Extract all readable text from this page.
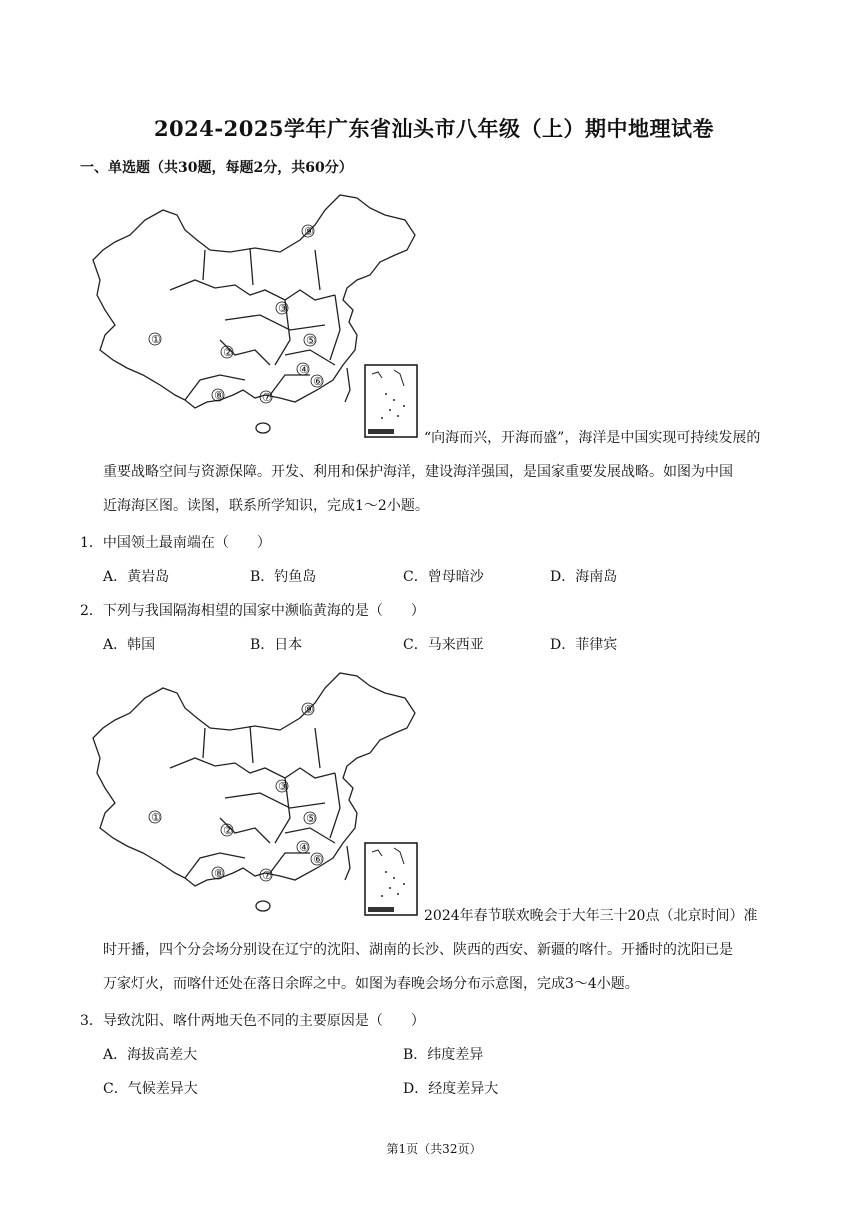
2024-2025学年广东省汕头市八年级（上）期中地理试卷
一、单选题（共30题，每题2分，共60分）
①
②
③
④
⑤
⑥
⑦
⑧
⑨
“向海而兴，开海而盛”，海洋是中国实现可持续发展的
重要战略空间与资源保障。开发、利用和保护海洋，建设海洋强国，是国家重要发展战略。如图为中国
近海海区图。读图，联系所学知识，完成1～2小题。
1．中国领土最南端在（　　）
A．黄岩岛	B．钓鱼岛	C．曾母暗沙	D．海南岛
2．下列与我国隔海相望的国家中濒临黄海的是（　　）
A．韩国	B．日本	C．马来西亚	D．菲律宾
①
②
③
④
⑤
⑥
⑦
⑧
⑨
2024年春节联欢晚会于大年三十20点（北京时间）准
时开播，四个分会场分别设在辽宁的沈阳、湖南的长沙、陕西的西安、新疆的喀什。开播时的沈阳已是
万家灯火，而喀什还处在落日余晖之中。如图为春晚会场分布示意图，完成3～4小题。
3．导致沈阳、喀什两地天色不同的主要原因是（　　）
A．海拔高差大	B．纬度差异
C．气候差异大	D．经度差异大
第1页（共32页）
